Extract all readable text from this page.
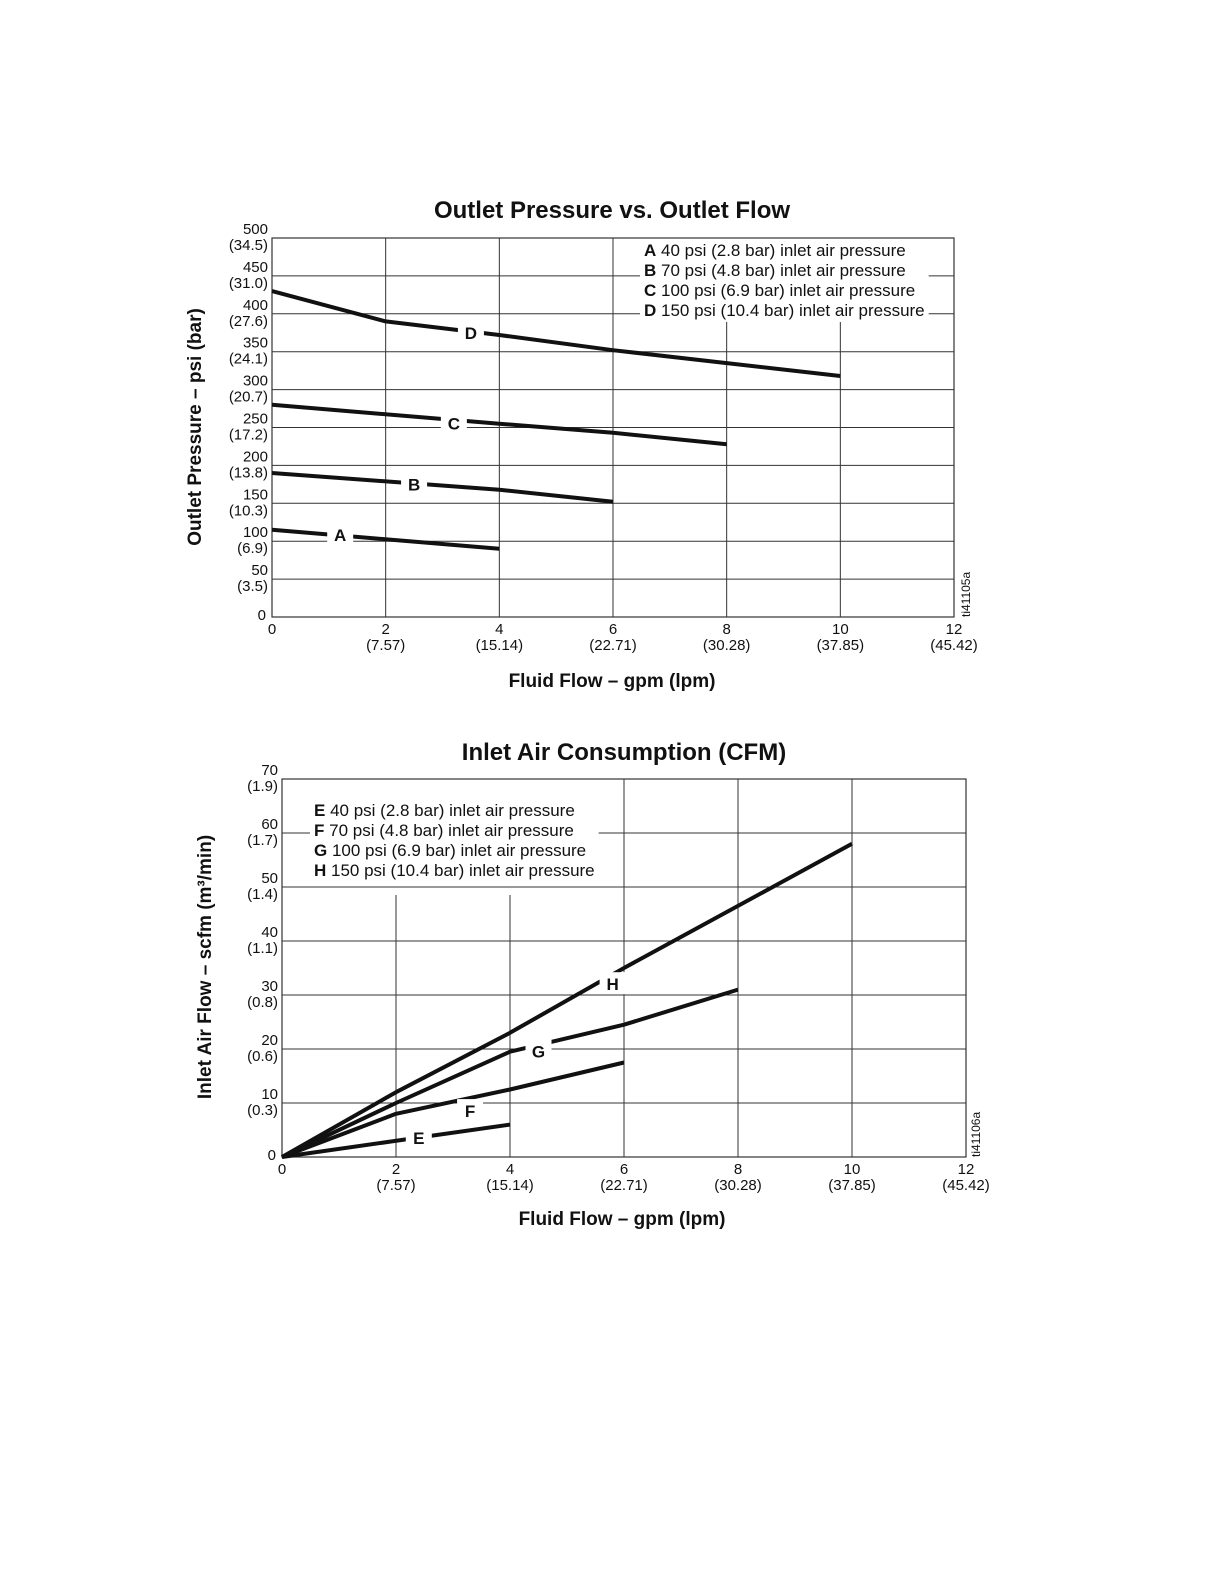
Outlet Pressure vs. Outlet Flow
Fluid Flow – gpm (lpm)
Outlet Pressure – psi (bar)
ti41105a
0
50
(3.5)
100
(6.9)
150
(10.3)
200
(13.8)
250
(17.2)
300
(20.7)
350
(24.1)
400
(27.6)
450
(31.0)
500
(34.5)
0	2
(7.57)
4
(15.14)
6
(22.71)
8
(30.28)
10
(37.85)
12
(45.42)
A 40 psi (2.8 bar) inlet air pressure
B 70 psi (4.8 bar) inlet air pressure
C 100 psi (6.9 bar) inlet air pressure
D 150 psi (10.4 bar) inlet air pressure
A
B
C
D
Inlet Air Consumption (CFM)
Fluid Flow – gpm (lpm)
Inlet Air Flow – scfm (m³/min)
ti41106a
0
10
(0.3)
20
(0.6)
30
(0.8)
40
(1.1)
50
(1.4)
60
(1.7)
70
(1.9)
0	2
(7.57)
4
(15.14)
6
(22.71)
8
(30.28)
10
(37.85)
12
(45.42)
E 40 psi (2.8 bar) inlet air pressure
F 70 psi (4.8 bar) inlet air pressure
G 100 psi (6.9 bar) inlet air pressure
H 150 psi (10.4 bar) inlet air pressure
E
F
G
H
